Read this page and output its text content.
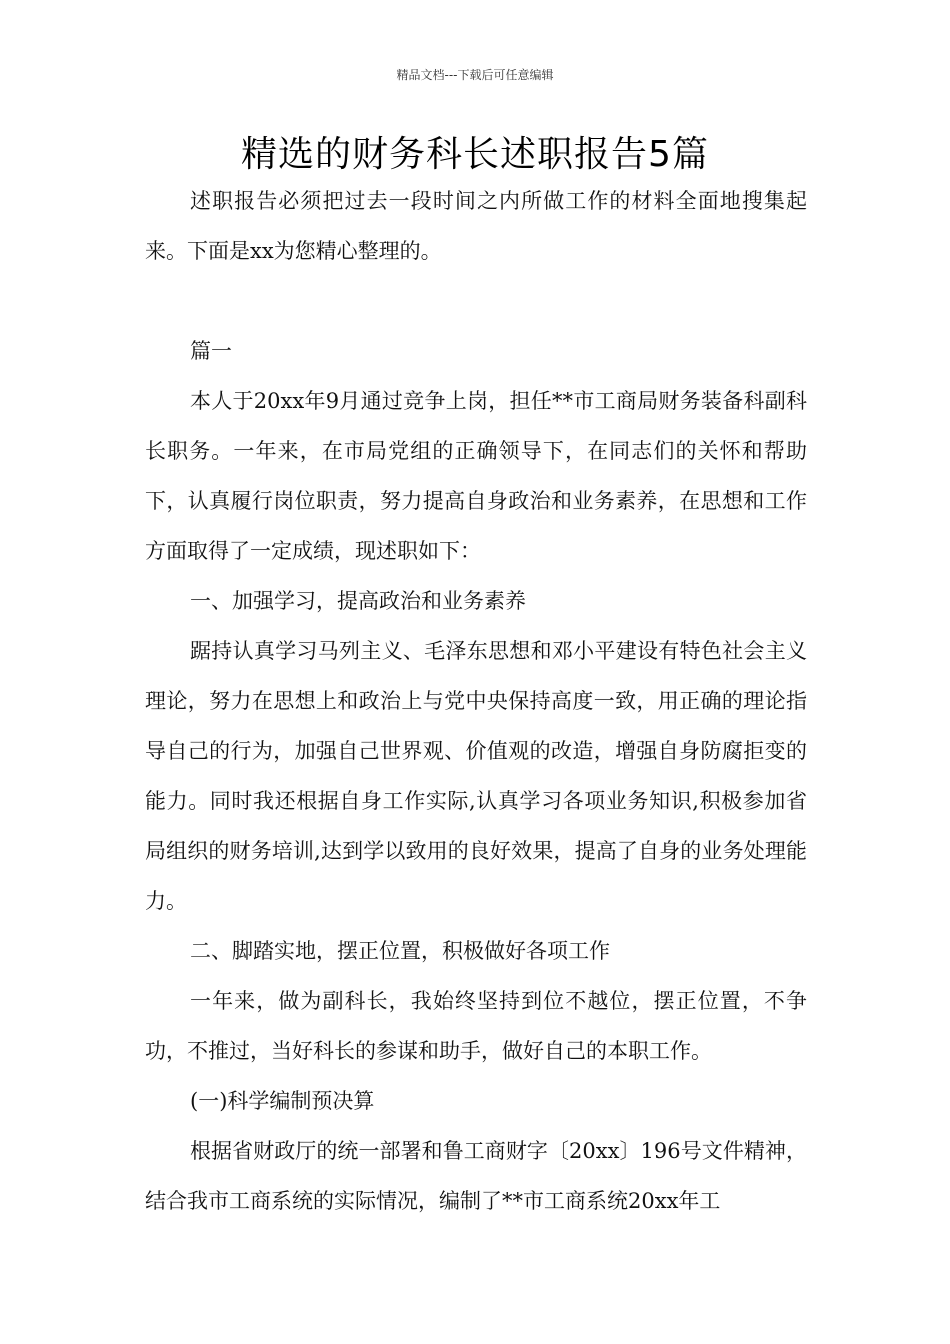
精品文档---下载后可任意编辑
精选的财务科长述职报告5篇

述职报告必须把过去一段时间之内所做工作的材料全面地搜集起来。下面是xx为您精心整理的。

篇一

本人于20xx年9月通过竞争上岗，担任**市工商局财务装备科副科长职务。一年来，在市局党组的正确领导下，在同志们的关怀和帮助下，认真履行岗位职责，努力提高自身政治和业务素养，在思想和工作方面取得了一定成绩，现述职如下：

一、加强学习，提高政治和业务素养

踞持认真学习马列主义、毛泽东思想和邓小平建设有特色社会主义理论，努力在思想上和政治上与党中央保持高度一致，用正确的理论指导自己的行为，加强自己世界观、价值观的改造，增强自身防腐拒变的能力。同时我还根据自身工作实际,认真学习各项业务知识,积极参加省局组织的财务培训,达到学以致用的良好效果，提高了自身的业务处理能力。

二、脚踏实地，摆正位置，积极做好各项工作

一年来，做为副科长，我始终坚持到位不越位，摆正位置，不争功，不推过，当好科长的参谋和助手，做好自己的本职工作。

(一)科学编制预决算

根据省财政厅的统一部署和鲁工商财字〔20xx〕196号文件精神，结合我市工商系统的实际情况，编制了**市工商系统20xx年工
